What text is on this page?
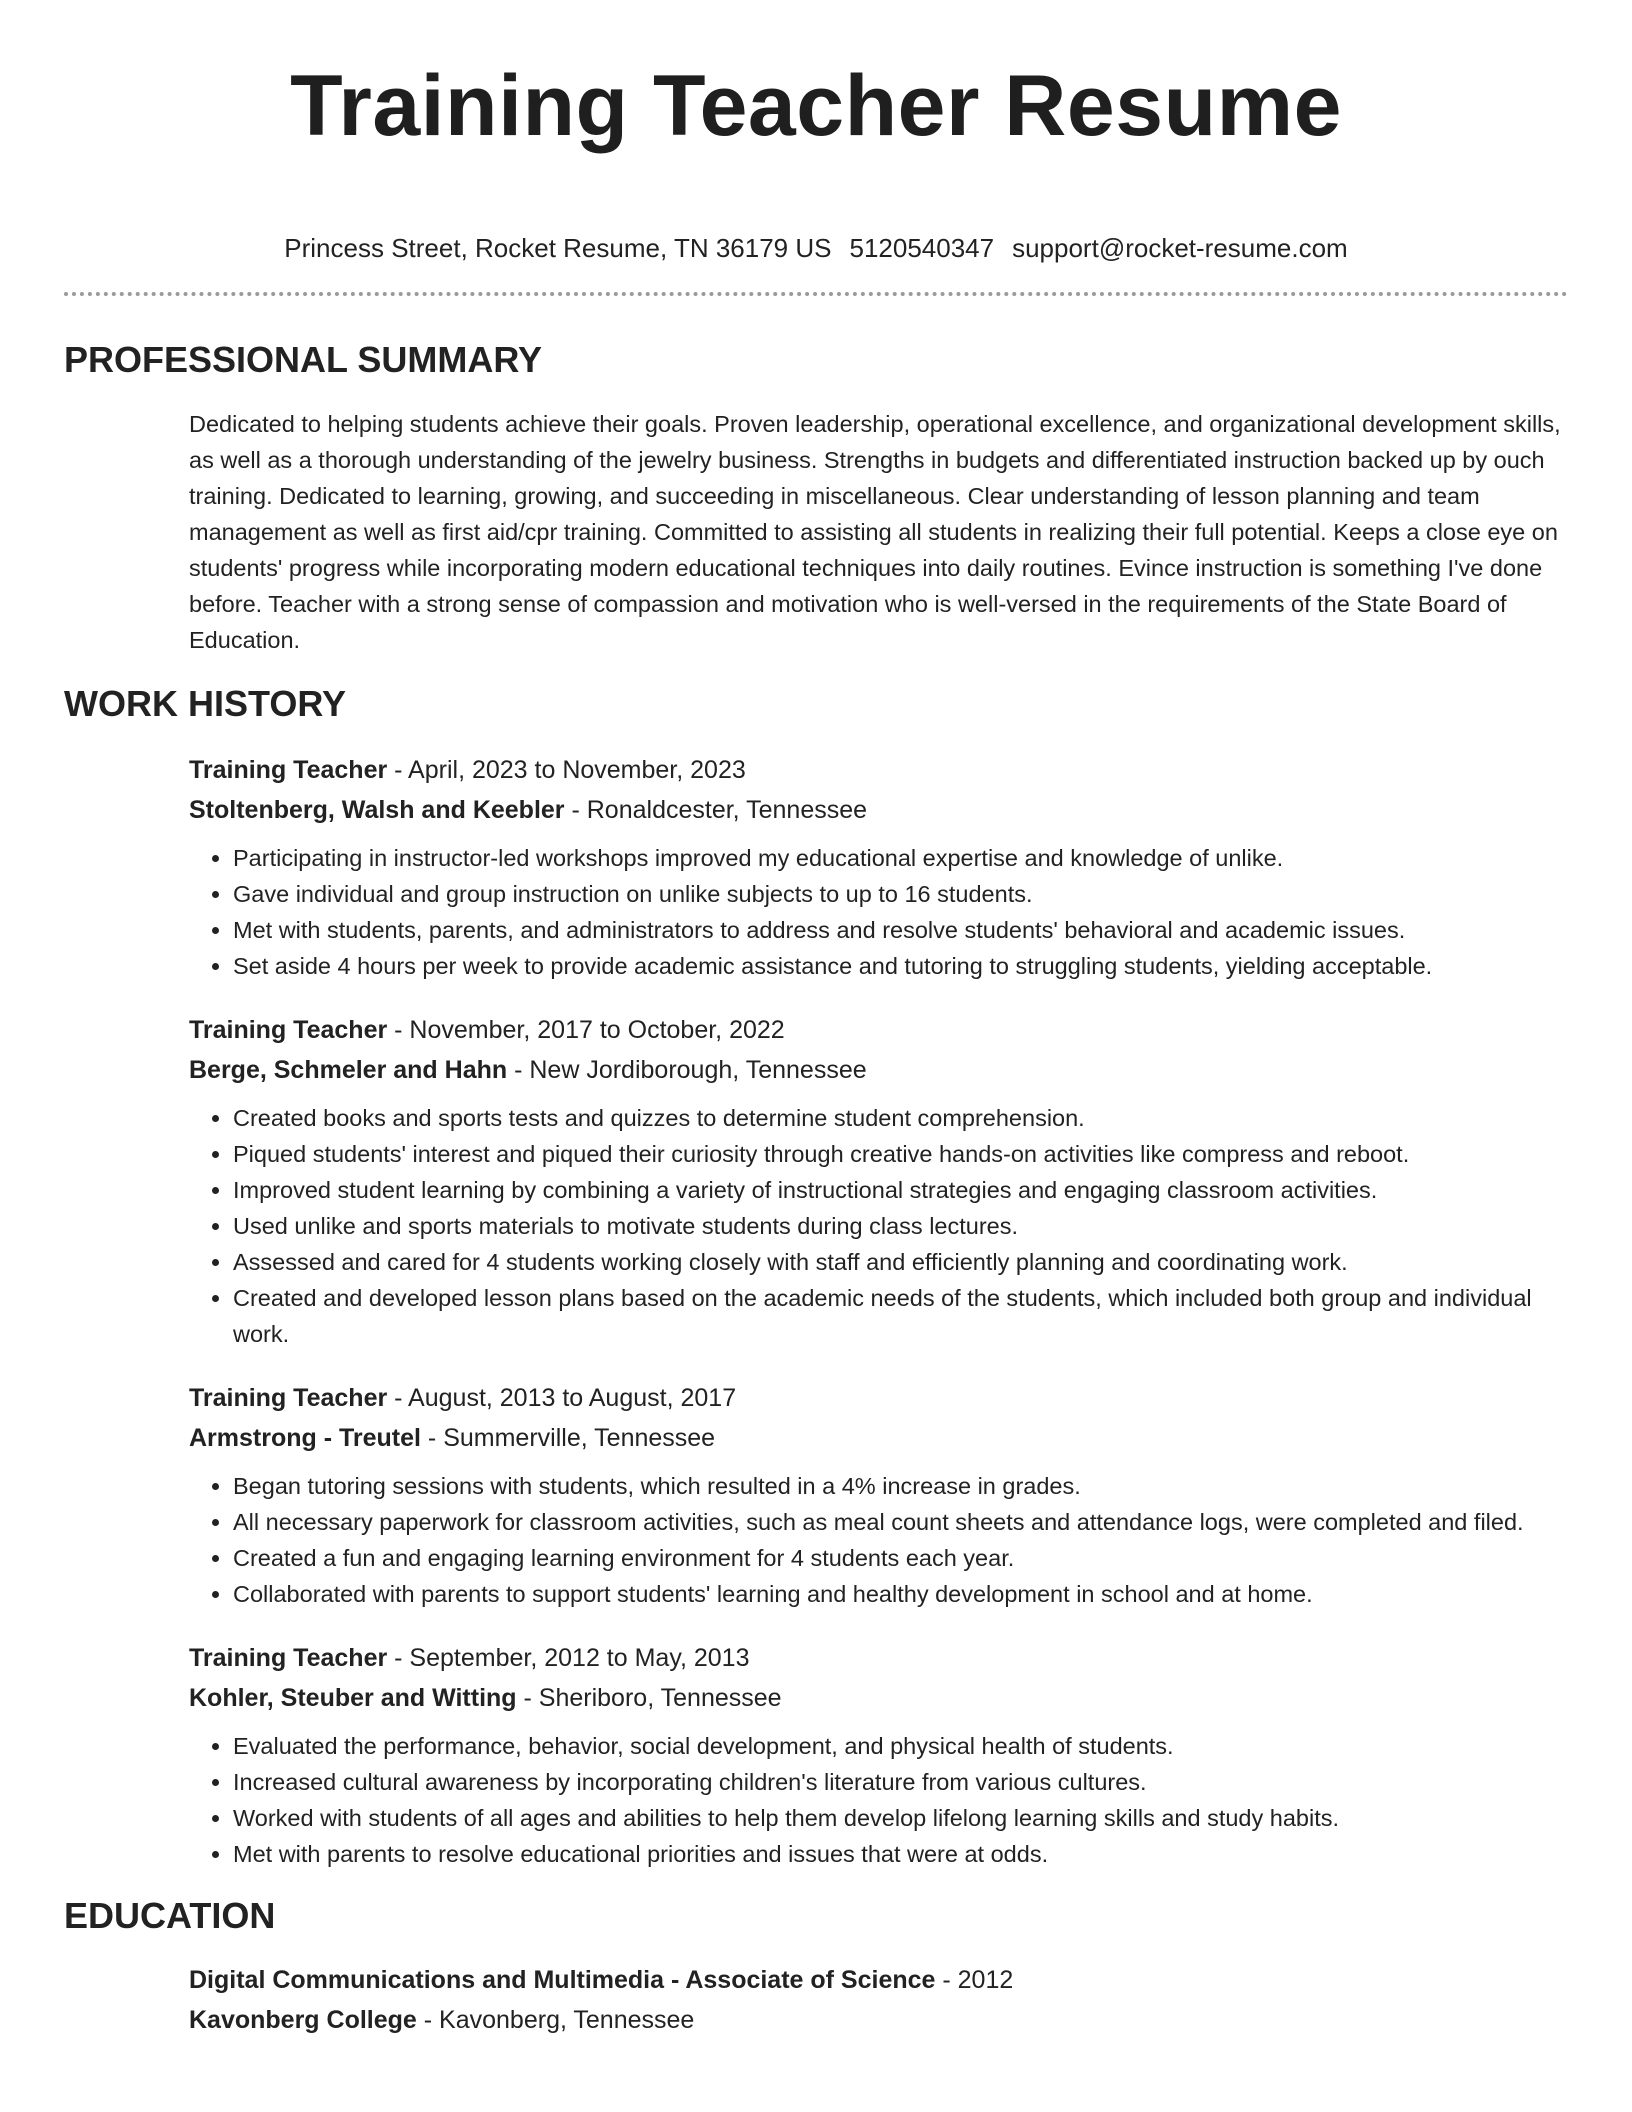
Training Teacher Resume
Princess Street, Rocket Resume, TN 36179 US 5120540347 support@rocket-resume.com
PROFESSIONAL SUMMARY
Dedicated to helping students achieve their goals. Proven leadership, operational excellence, and organizational development skills, as well as a thorough understanding of the jewelry business. Strengths in budgets and differentiated instruction backed up by ouch training. Dedicated to learning, growing, and succeeding in miscellaneous. Clear understanding of lesson planning and team management as well as first aid/cpr training. Committed to assisting all students in realizing their full potential. Keeps a close eye on students' progress while incorporating modern educational techniques into daily routines. Evince instruction is something I've done before. Teacher with a strong sense of compassion and motivation who is well-versed in the requirements of the State Board of Education.
WORK HISTORY
Training Teacher - April, 2023 to November, 2023
Stoltenberg, Walsh and Keebler - Ronaldcester, Tennessee
• Participating in instructor-led workshops improved my educational expertise and knowledge of unlike.
• Gave individual and group instruction on unlike subjects to up to 16 students.
• Met with students, parents, and administrators to address and resolve students' behavioral and academic issues.
• Set aside 4 hours per week to provide academic assistance and tutoring to struggling students, yielding acceptable.
Training Teacher - November, 2017 to October, 2022
Berge, Schmeler and Hahn - New Jordiborough, Tennessee
• Created books and sports tests and quizzes to determine student comprehension.
• Piqued students' interest and piqued their curiosity through creative hands-on activities like compress and reboot.
• Improved student learning by combining a variety of instructional strategies and engaging classroom activities.
• Used unlike and sports materials to motivate students during class lectures.
• Assessed and cared for 4 students working closely with staff and efficiently planning and coordinating work.
• Created and developed lesson plans based on the academic needs of the students, which included both group and individual work.
Training Teacher - August, 2013 to August, 2017
Armstrong - Treutel - Summerville, Tennessee
• Began tutoring sessions with students, which resulted in a 4% increase in grades.
• All necessary paperwork for classroom activities, such as meal count sheets and attendance logs, were completed and filed.
• Created a fun and engaging learning environment for 4 students each year.
• Collaborated with parents to support students' learning and healthy development in school and at home.
Training Teacher - September, 2012 to May, 2013
Kohler, Steuber and Witting - Sheriboro, Tennessee
• Evaluated the performance, behavior, social development, and physical health of students.
• Increased cultural awareness by incorporating children's literature from various cultures.
• Worked with students of all ages and abilities to help them develop lifelong learning skills and study habits.
• Met with parents to resolve educational priorities and issues that were at odds.
EDUCATION
Digital Communications and Multimedia - Associate of Science - 2012
Kavonberg College - Kavonberg, Tennessee
